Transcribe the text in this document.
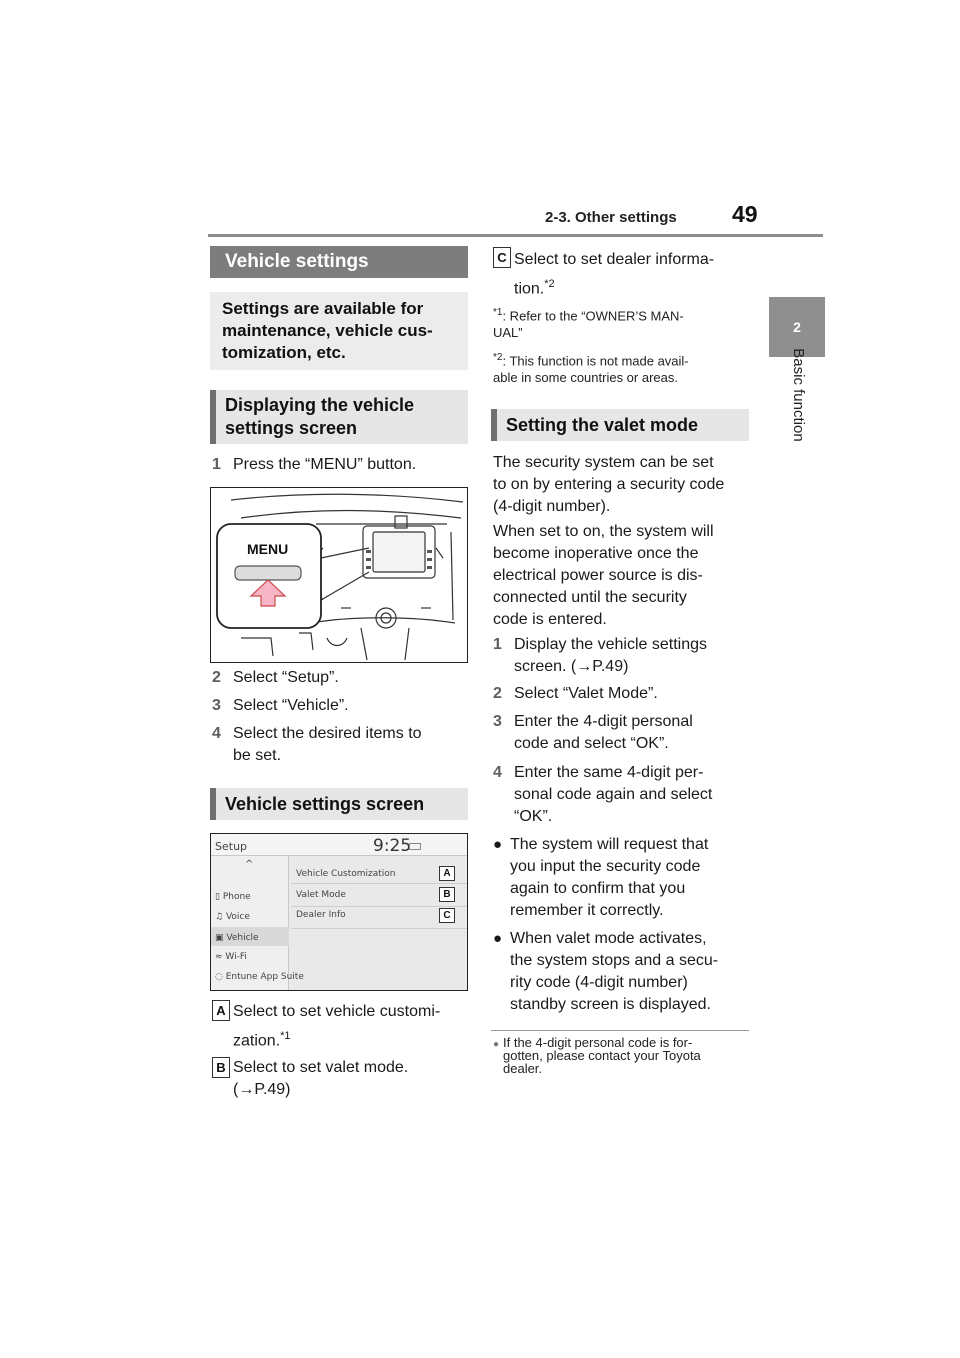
2-3. Other settings 49
2
Basic function
Vehicle settings
Settings are available for maintenance, vehicle cus-
tomization, etc.
Displaying the vehicle
settings screen
1 Press the “MENU” button.
MENU
2 Select “Setup”.
3 Select “Vehicle”.
4 Select the desired items to
be set.
Vehicle settings screen
Setup	9:25
^
▯ Phone
♫ Voice
▣ Vehicle
≈ Wi-Fi
◌ Entune App Suite
Vehicle Customization	A
Valet Mode	B
Dealer Info	C
A Select to set vehicle customi-
zation.$^{*1}$
B Select to set valet mode.
(→P.49)
C Select to set dealer informa-
tion.$^{*2}$
$^{*1}$: Refer to the “OWNER’S MAN-
UAL”
$^{*2}$: This function is not made avail-
able in some countries or areas.
Setting the valet mode
The security system can be set
to on by entering a security code
(4-digit number).
When set to on, the system will
become inoperative once the
electrical power source is dis-
connected until the security
code is entered.
1 Display the vehicle settings
screen. (→P.49)
2 Select “Valet Mode”.
3 Enter the 4-digit personal
code and select “OK”.
4 Enter the same 4-digit per-
sonal code again and select
“OK”.
● The system will request that
you input the security code
again to confirm that you
remember it correctly.
● When valet mode activates,
the system stops and a secu-
rity code (4-digit number)
standby screen is displayed.
● If the 4-digit personal code is for-
gotten, please contact your Toyota
dealer.
